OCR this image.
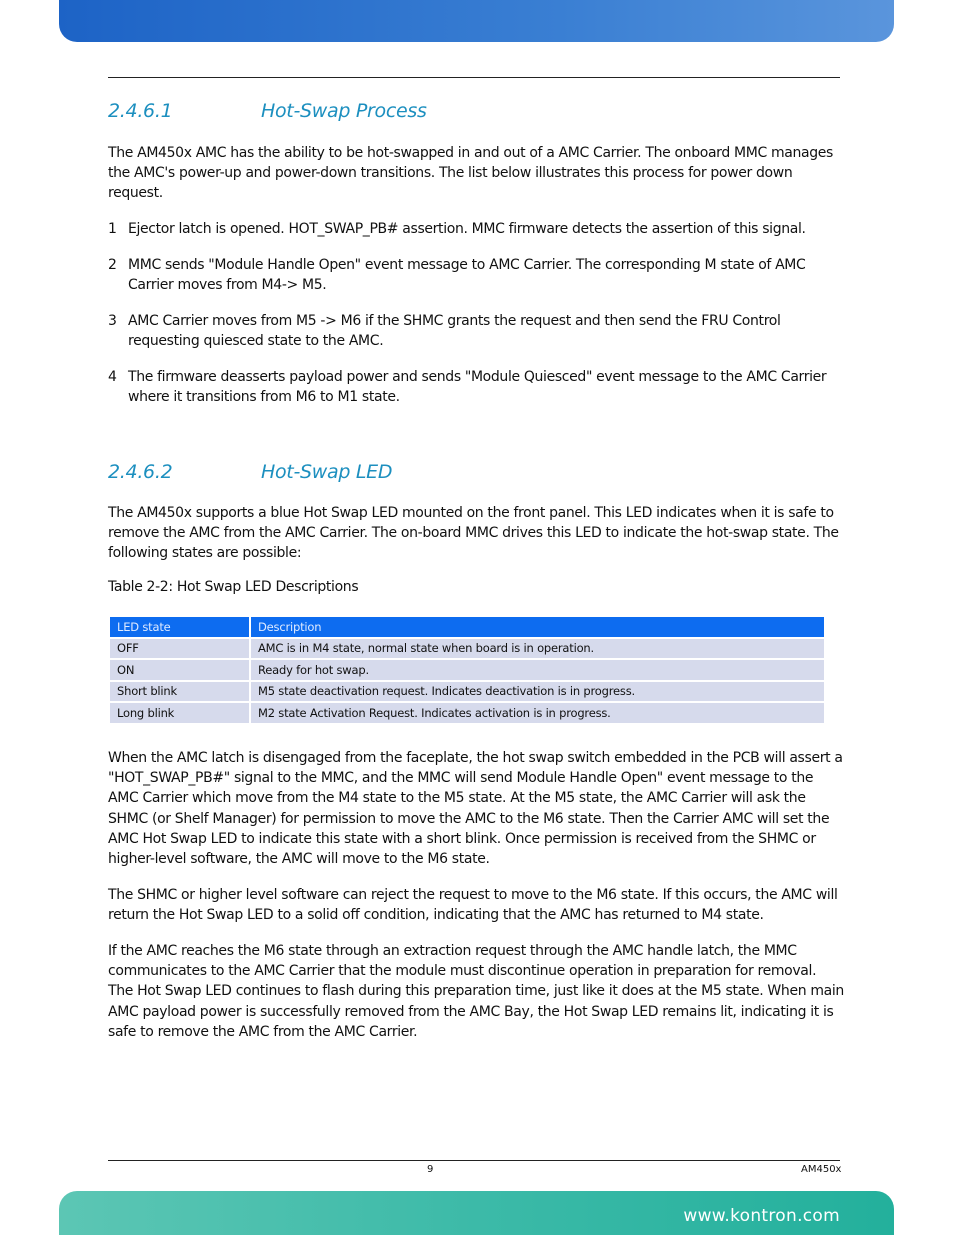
2.4.6.1	Hot-Swap Process

The AM450x AMC has the ability to be hot-swapped in and out of a AMC Carrier. The onboard MMC manages the AMC's power-up and power-down transitions. The list below illustrates this process for power down request.

1 Ejector latch is opened. HOT_SWAP_PB# assertion. MMC firmware detects the assertion of this signal.
2 MMC sends "Module Handle Open" event message to AMC Carrier. The corresponding M state of AMC Carrier moves from M4-> M5.
3 AMC Carrier moves from M5 -> M6 if the SHMC grants the request and then send the FRU Control requesting quiesced state to the AMC.
4 The firmware deasserts payload power and sends "Module Quiesced" event message to the AMC Carrier where it transitions from M6 to M1 state.
2.4.6.2	Hot-Swap LED

The AM450x supports a blue Hot Swap LED mounted on the front panel. This LED indicates when it is safe to remove the AMC from the AMC Carrier. The on-board MMC drives this LED to indicate the hot-swap state. The following states are possible:

Table 2-2: Hot Swap LED Descriptions
LED state	Description
OFF	AMC is in M4 state, normal state when board is in operation.
ON	Ready for hot swap.
Short blink	M5 state deactivation request. Indicates deactivation is in progress.
Long blink	M2 state Activation Request. Indicates activation is in progress.

When the AMC latch is disengaged from the faceplate, the hot swap switch embedded in the PCB will assert a "HOT_SWAP_PB#" signal to the MMC, and the MMC will send Module Handle Open" event message to the AMC Carrier which move from the M4 state to the M5 state. At the M5 state, the AMC Carrier will ask the SHMC (or Shelf Manager) for permission to move the AMC to the M6 state. Then the Carrier AMC will set the AMC Hot Swap LED to indicate this state with a short blink. Once permission is received from the SHMC or higher-level software, the AMC will move to the M6 state.

The SHMC or higher level software can reject the request to move to the M6 state. If this occurs, the AMC will return the Hot Swap LED to a solid off condition, indicating that the AMC has returned to M4 state.

If the AMC reaches the M6 state through an extraction request through the AMC handle latch, the MMC communicates to the AMC Carrier that the module must discontinue operation in preparation for removal. The Hot Swap LED continues to flash during this preparation time, just like it does at the M5 state. When main AMC payload power is successfully removed from the AMC Bay, the Hot Swap LED remains lit, indicating it is safe to remove the AMC from the AMC Carrier.

9	AM450x
www.kontron.com
